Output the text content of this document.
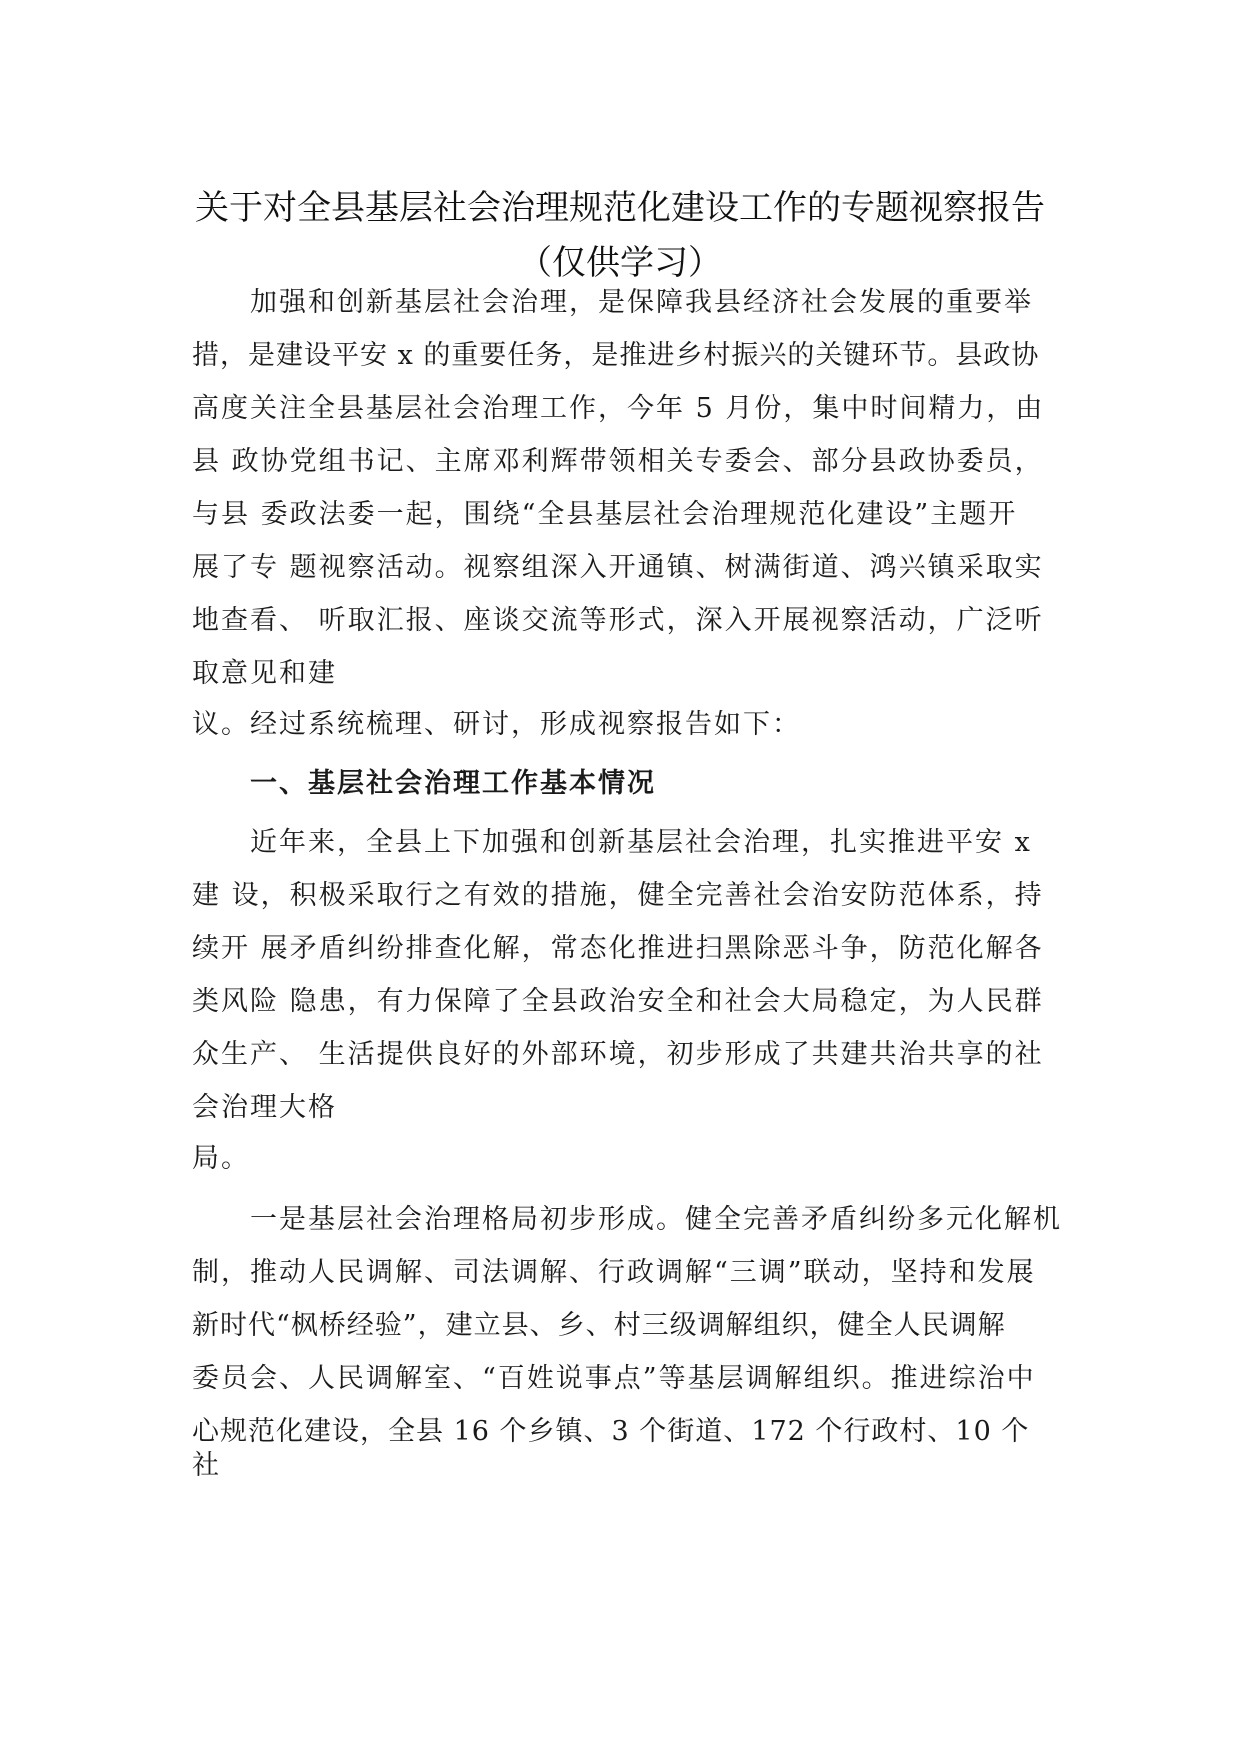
关于对全县基层社会治理规范化建设工作的专题视察报告
（仅供学习）
加强和创新基层社会治理，是保障我县经济社会发展的重要举
措，是建设平安 x 的重要任务，是推进乡村振兴的关键环节。县政协
高度关注全县基层社会治理工作，今年 5 月份，集中时间精力，由
县 政协党组书记、主席邓利辉带领相关专委会、部分县政协委员，
与县 委政法委一起，围绕“全县基层社会治理规范化建设”主题开
展了专 题视察活动。视察组深入开通镇、树满街道、鸿兴镇采取实
地查看、 听取汇报、座谈交流等形式，深入开展视察活动，广泛听
取意见和建
议。经过系统梳理、研讨，形成视察报告如下：
一、基层社会治理工作基本情况
近年来，全县上下加强和创新基层社会治理，扎实推进平安 x
建 设，积极采取行之有效的措施，健全完善社会治安防范体系，持
续开 展矛盾纠纷排查化解，常态化推进扫黑除恶斗争，防范化解各
类风险 隐患，有力保障了全县政治安全和社会大局稳定，为人民群
众生产、 生活提供良好的外部环境，初步形成了共建共治共享的社
会治理大格
局。
一是基层社会治理格局初步形成。健全完善矛盾纠纷多元化解机
制，推动人民调解、司法调解、行政调解“三调”联动，坚持和发展
新时代“枫桥经验”，建立县、乡、村三级调解组织，健全人民调解
委员会、人民调解室、“百姓说事点”等基层调解组织。推进综治中
心规范化建设，全县 16 个乡镇、3 个街道、172 个行政村、10 个
社
